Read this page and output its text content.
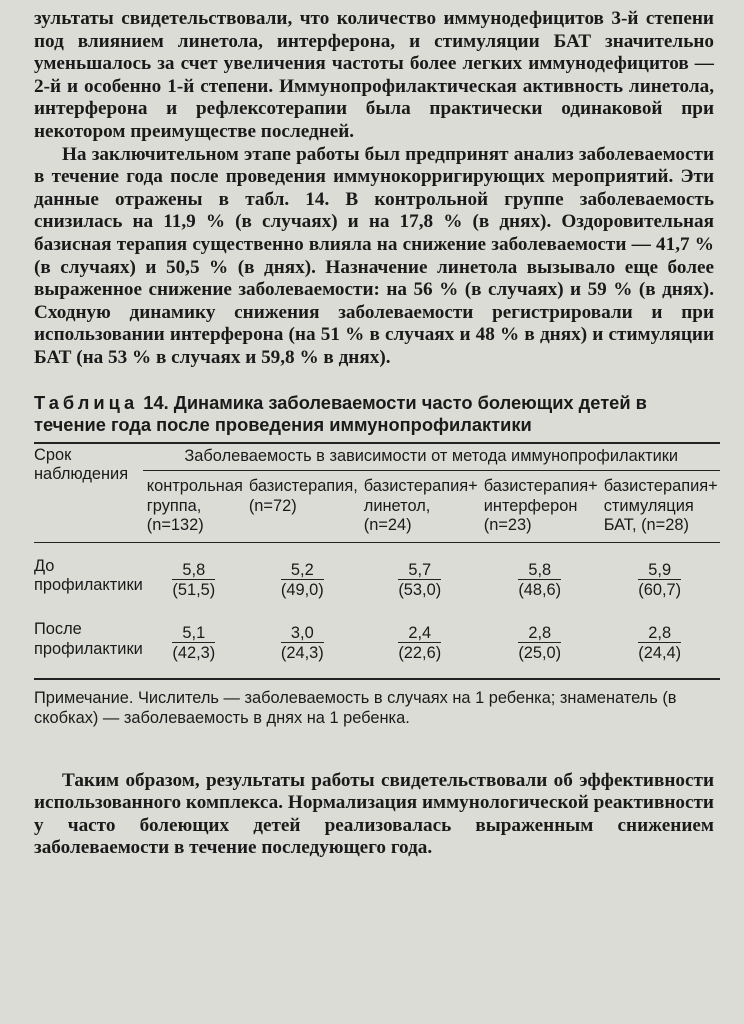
зультаты свидетельствовали, что количество иммунодефицитов 3-й степени под влиянием линетола, интерферона, и стимуляции БАТ значительно уменьшалось за счет увеличения частоты более легких иммунодефицитов — 2-й и особенно 1-й степени. Иммунопрофилактическая активность линетола, интерферона и рефлексотерапии была практически одинаковой при некотором преимуществе последней.

На заключительном этапе работы был предпринят анализ заболеваемости в течение года после проведения иммунокорригирующих мероприятий. Эти данные отражены в табл. 14. В контрольной группе заболеваемость снизилась на 11,9 % (в случаях) и на 17,8 % (в днях). Оздоровительная базисная терапия существенно влияла на снижение заболеваемости — 41,7 % (в случаях) и 50,5 % (в днях). Назначение линетола вызывало еще более выраженное снижение заболеваемости: на 56 % (в случаях) и 59 % (в днях). Сходную динамику снижения заболеваемости регистрировали и при использовании интерферона (на 51 % в случаях и 48 % в днях) и стимуляции БАТ (на 53 % в случаях и 59,8 % в днях).

Таблица 14. Динамика заболеваемости часто болеющих детей в течение года после проведения иммунопрофилактики
Срок наблюдения	Заболеваемость в зависимости от метода иммунопрофилактики				
	контрольная группа, (n=132)	базистерапия, (n=72)	базистерапия+ линетол, (n=24)	базистерапия+ интерферон (n=23)	базистерапия+ стимуляция БАТ, (n=28)
До профилактики	$\frac{5,8}{(51,5)}$	$\frac{5,2}{(49,0)}$	$\frac{5,7}{(53,0)}$	$\frac{5,8}{(48,6)}$	$\frac{5,9}{(60,7)}$

После профилактики	$\frac{5,1}{(42,3)}$	$\frac{3,0}{(24,3)}$	$\frac{2,4}{(22,6)}$	$\frac{2,8}{(25,0)}$	$\frac{2,8}{(24,4)}$

Примечание. Числитель — заболеваемость в случаях на 1 ребенка; знаменатель (в скобках) — заболеваемость в днях на 1 ребенка.

Таким образом, результаты работы свидетельствовали об эффективности использованного комплекса. Нормализация иммунологической реактивности у часто болеющих детей реализовалась выраженным снижением заболеваемости в течение последующего года.
